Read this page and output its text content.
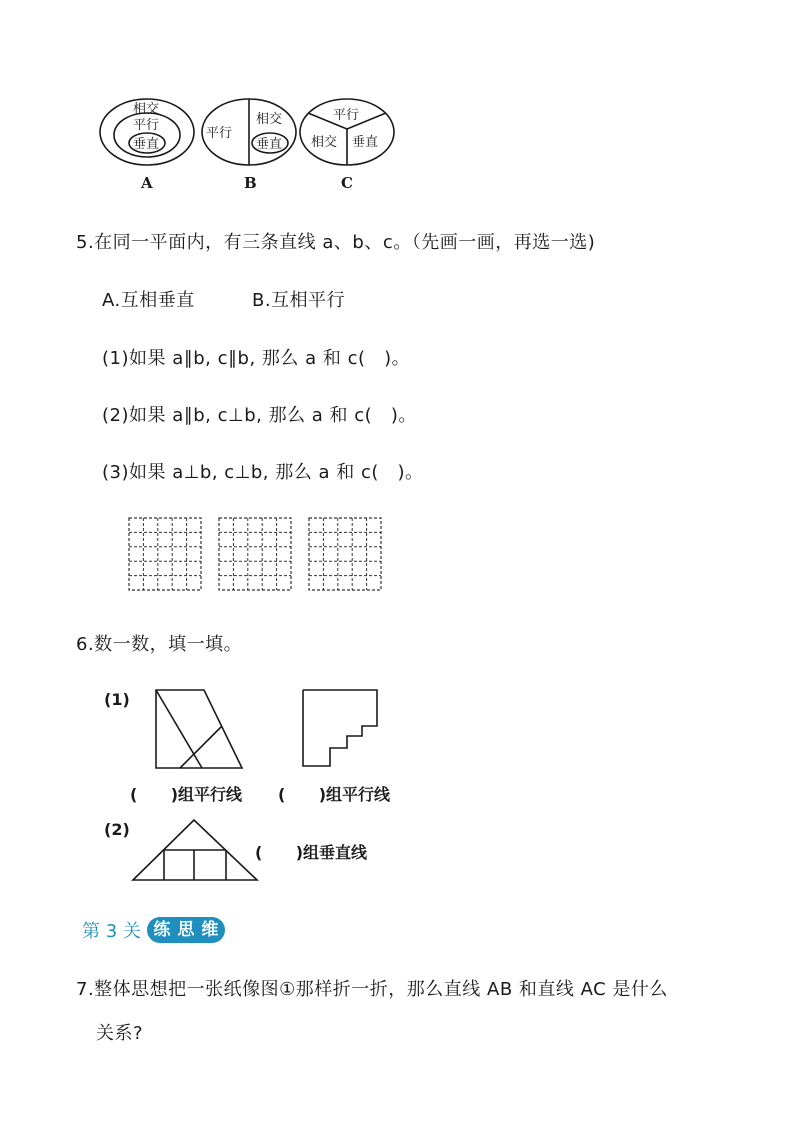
相交
平行
垂直
平行
相交
垂直
平行
相交 垂直
A	B	C
5.在同一平面内，有三条直线 a、b、c。（先画一画，再选一选)
A.互相垂直	B.互相平行
(1)如果 a∥b, c∥b, 那么 a 和 c(   )。
(2)如果 a∥b, c⊥b, 那么 a 和 c(   )。
(3)如果 a⊥b, c⊥b, 那么 a 和 c(   )。
6.数一数，填一填。
(1)
(      )组平行线 (      )组平行线
(2)
(      )组垂直线
第 3 关 练 思 维
7.整体思想把一张纸像图①那样折一折，那么直线 AB 和直线 AC 是什么
关系?
